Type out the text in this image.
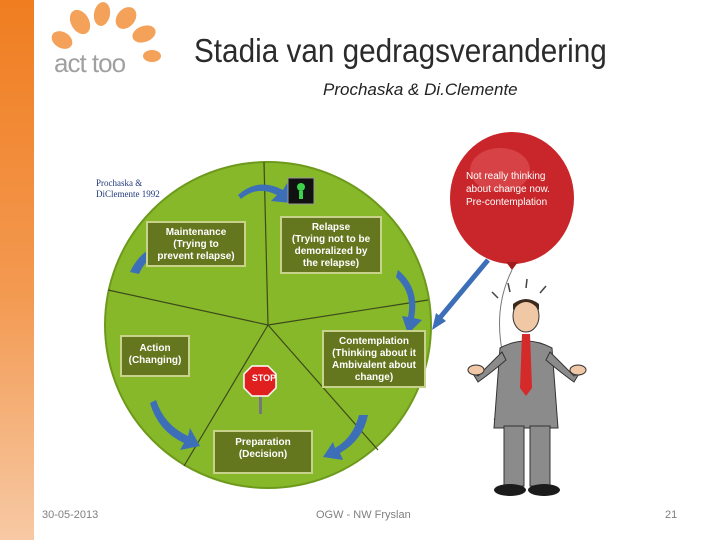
act too Stadia van gedragsverandering
Prochaska & Di.Clemente
STOP
Prochaska &
DiClemente 1992
Maintenance
(Trying to
prevent relapse)
Relapse
(Trying not to be
demoralized by
the relapse)
Action
(Changing)
Contemplation
(Thinking about it
Ambivalent about
change)
Preparation
(Decision)
Not really thinking
about change now.
Pre-contemplation
30-05-2013	OGW - NW Fryslan	21
